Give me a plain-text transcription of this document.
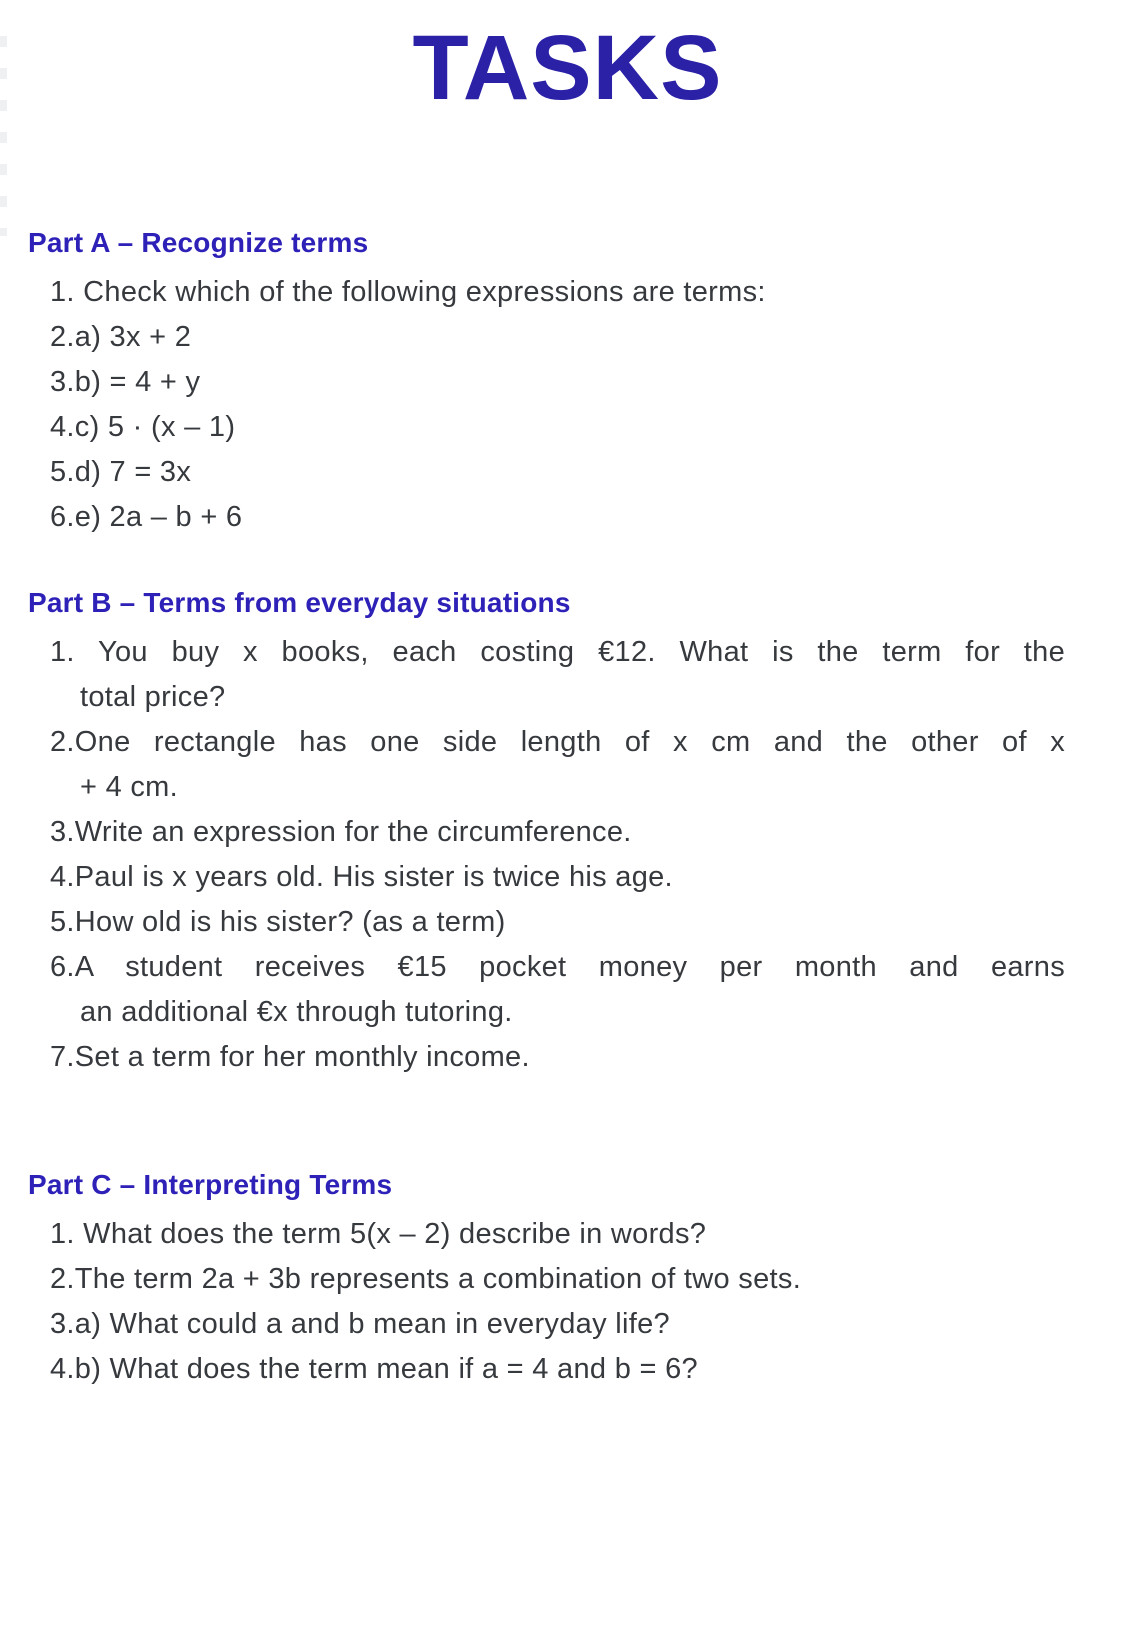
TASKS
Part A – Recognize terms
1. Check which of the following expressions are terms:
2.a) 3x + 2
3.b) = 4 + y
4.c) 5 · (x – 1)
5.d) 7 = 3x
6.e) 2a – b + 6
Part B – Terms from everyday situations
1. You buy x books, each costing €12. What is the term for the
total price?
2.One rectangle has one side length of x cm and the other of x
+ 4 cm.
3.Write an expression for the circumference.
4.Paul is x years old. His sister is twice his age.
5.How old is his sister? (as a term)
6.A student receives €15 pocket money per month and earns
an additional €x through tutoring.
7.Set a term for her monthly income.
Part C – Interpreting Terms
1. What does the term 5(x – 2) describe in words?
2.The term 2a + 3b represents a combination of two sets.
3.a) What could a and b mean in everyday life?
4.b) What does the term mean if a = 4 and b = 6?
